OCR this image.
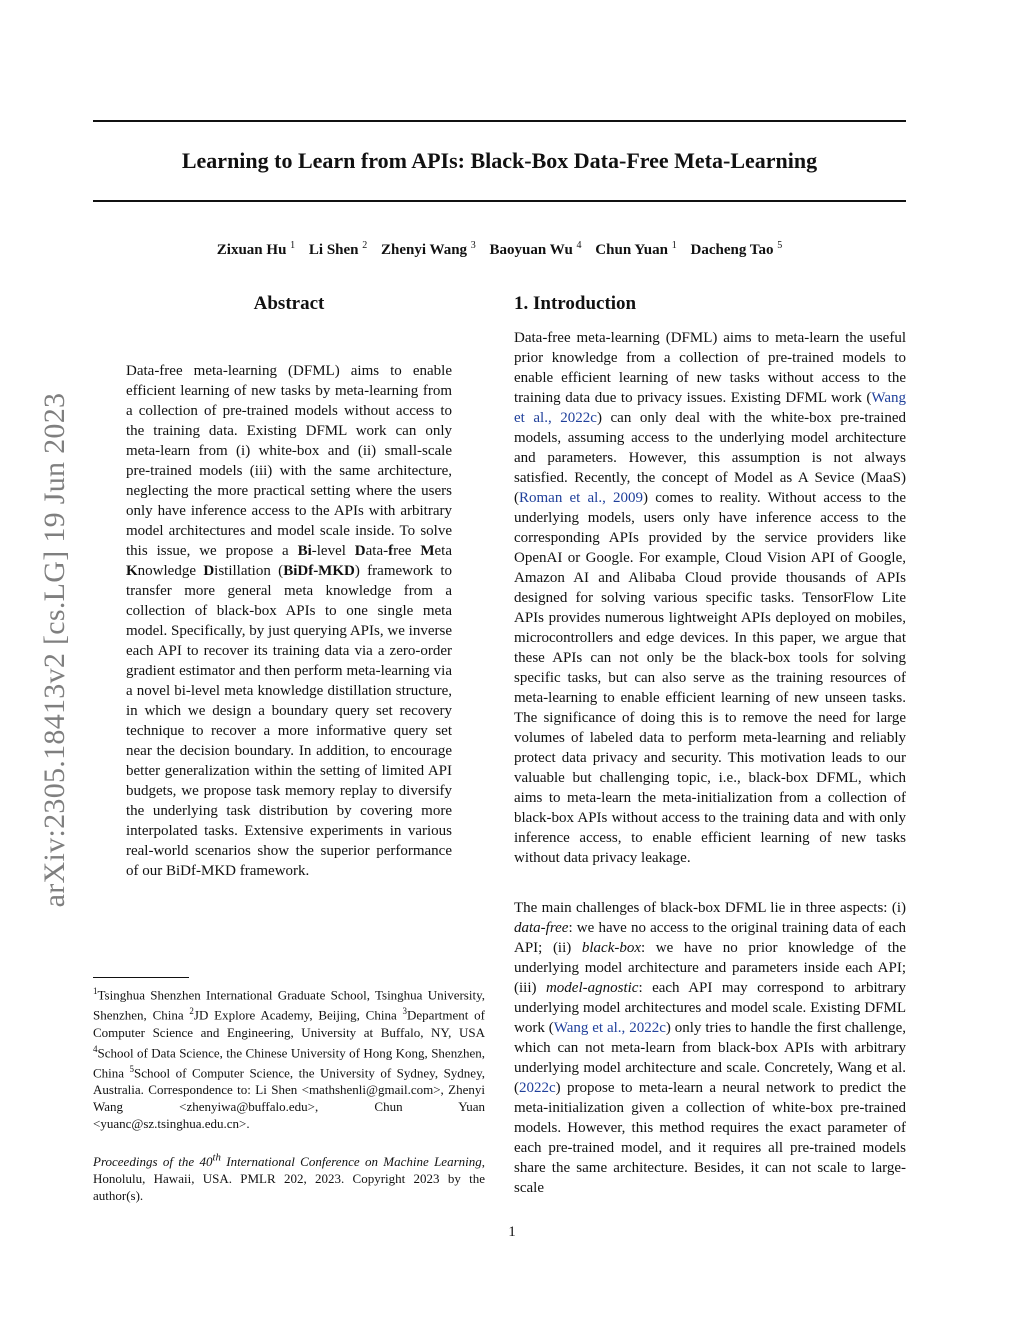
Learning to Learn from APIs: Black-Box Data-Free Meta-Learning
Zixuan Hu $^1$ Li Shen $^2$ Zhenyi Wang $^3$ Baoyuan Wu $^4$ Chun Yuan $^1$ Dacheng Tao $^5$
arXiv:2305.18413v2 [cs.LG] 19 Jun 2023
Abstract
Data-free meta-learning (DFML) aims to enable efficient learning of new tasks by meta-learning from a collection of pre-trained models without access to the training data. Existing DFML work can only meta-learn from (i) white-box and (ii) small-scale pre-trained models (iii) with the same architecture, neglecting the more practical setting where the users only have inference access to the APIs with arbitrary model architectures and model scale inside. To solve this issue, we propose a Bi-level Data-free Meta Knowledge Distillation (BiDf-MKD) framework to transfer more general meta knowledge from a collection of black-box APIs to one single meta model. Specifically, by just querying APIs, we inverse each API to recover its training data via a zero-order gradient estimator and then perform meta-learning via a novel bi-level meta knowledge distillation structure, in which we design a boundary query set recovery technique to recover a more informative query set near the decision boundary. In addition, to encourage better generalization within the setting of limited API budgets, we propose task memory replay to diversify the underlying task distribution by covering more interpolated tasks. Extensive experiments in various real-world scenarios show the superior performance of our BiDf-MKD framework.
1. Introduction

Data-free meta-learning (DFML) aims to meta-learn the useful prior knowledge from a collection of pre-trained models to enable efficient learning of new tasks without access to the training data due to privacy issues. Existing DFML work (Wang et al., 2022c) can only deal with the white-box pre-trained models, assuming access to the underlying model architecture and parameters. However, this assumption is not always satisfied. Recently, the concept of Model as A Sevice (MaaS) (Roman et al., 2009) comes to reality. Without access to the underlying models, users only have inference access to the corresponding APIs provided by the service providers like OpenAI or Google. For example, Cloud Vision API of Google, Amazon AI and Alibaba Cloud provide thousands of APIs designed for solving various specific tasks. TensorFlow Lite APIs provides numerous lightweight APIs deployed on mobiles, microcontrollers and edge devices. In this paper, we argue that these APIs can not only be the black-box tools for solving specific tasks, but can also serve as the training resources of meta-learning to enable efficient learning of new unseen tasks. The significance of doing this is to remove the need for large volumes of labeled data to perform meta-learning and reliably protect data privacy and security. This motivation leads to our valuable but challenging topic, i.e., black-box DFML, which aims to meta-learn the meta-initialization from a collection of black-box APIs without access to the training data and with only inference access, to enable efficient learning of new tasks without data privacy leakage.

The main challenges of black-box DFML lie in three aspects: (i) data-free: we have no access to the original training data of each API; (ii) black-box: we have no prior knowledge of the underlying model architecture and parameters inside each API; (iii) model-agnostic: each API may correspond to arbitrary underlying model architectures and model scale. Existing DFML work (Wang et al., 2022c) only tries to handle the first challenge, which can not meta-learn from black-box APIs with arbitrary underlying model architecture and scale. Concretely, Wang et al. (2022c) propose to meta-learn a neural network to predict the meta-initialization given a collection of white-box pre-trained models. However, this method requires the exact parameter of each pre-trained model, and it requires all pre-trained models share the same architecture. Besides, it can not scale to large-scale

$^1$Tsinghua Shenzhen International Graduate School, Tsinghua University, Shenzhen, China $^2$JD Explore Academy, Beijing, China $^3$Department of Computer Science and Engineering, University at Buffalo, NY, USA $^4$School of Data Science, the Chinese University of Hong Kong, Shenzhen, China $^5$School of Computer Science, the University of Sydney, Sydney, Australia. Correspondence to: Li Shen <mathshenli@gmail.com>, Zhenyi Wang <zhenyiwa@buffalo.edu>, Chun Yuan <yuanc@sz.tsinghua.edu.cn>.
Proceedings of the 40th International Conference on Machine Learning, Honolulu, Hawaii, USA. PMLR 202, 2023. Copyright 2023 by the author(s).
1
